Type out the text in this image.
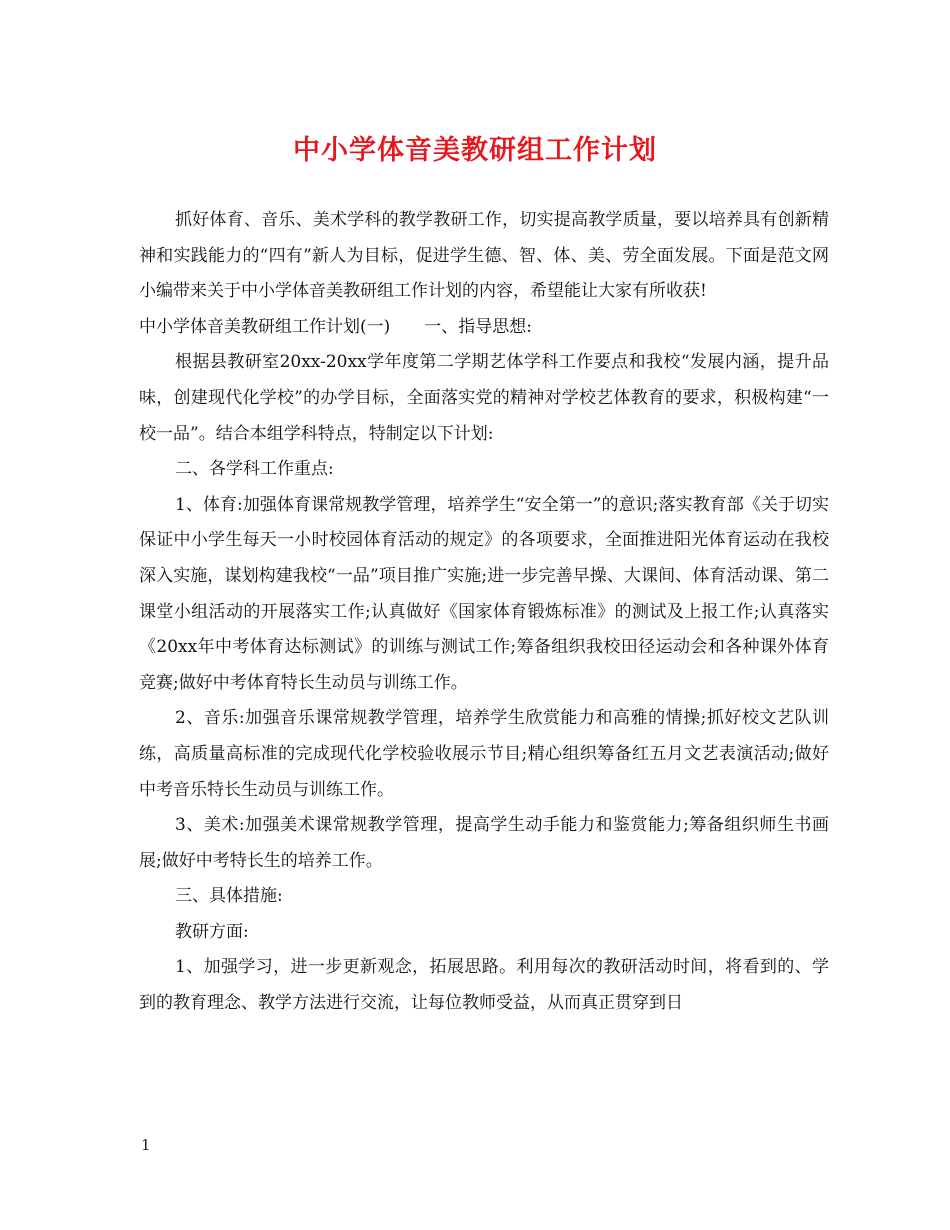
中小学体音美教研组工作计划

抓好体育、音乐、美术学科的教学教研工作，切实提高教学质量，要以培养具有创新精神和实践能力的“四有”新人为目标，促进学生德、智、体、美、劳全面发展。下面是范文网小编带来关于中小学体音美教研组工作计划的内容，希望能让大家有所收获!

中小学体音美教研组工作计划(一) 一、指导思想:

根据县教研室20xx-20xx学年度第二学期艺体学科工作要点和我校“发展内涵，提升品味，创建现代化学校”的办学目标，全面落实党的精神对学校艺体教育的要求，积极构建“一校一品”。结合本组学科特点，特制定以下计划:

二、各学科工作重点:

1、体育:加强体育课常规教学管理，培养学生“安全第一”的意识;落实教育部《关于切实保证中小学生每天一小时校园体育活动的规定》的各项要求，全面推进阳光体育运动在我校深入实施，谋划构建我校“一品”项目推广实施;进一步完善早操、大课间、体育活动课、第二课堂小组活动的开展落实工作;认真做好《国家体育锻炼标准》的测试及上报工作;认真落实《20xx年中考体育达标测试》的训练与测试工作;筹备组织我校田径运动会和各种课外体育竞赛;做好中考体育特长生动员与训练工作。

2、音乐:加强音乐课常规教学管理，培养学生欣赏能力和高雅的情操;抓好校文艺队训练，高质量高标准的完成现代化学校验收展示节目;精心组织筹备红五月文艺表演活动;做好中考音乐特长生动员与训练工作。

3、美术:加强美术课常规教学管理，提高学生动手能力和鉴赏能力;筹备组织师生书画展;做好中考特长生的培养工作。

三、具体措施:

教研方面:

1、加强学习，进一步更新观念，拓展思路。利用每次的教研活动时间，将看到的、学到的教育理念、教学方法进行交流，让每位教师受益，从而真正贯穿到日

1
